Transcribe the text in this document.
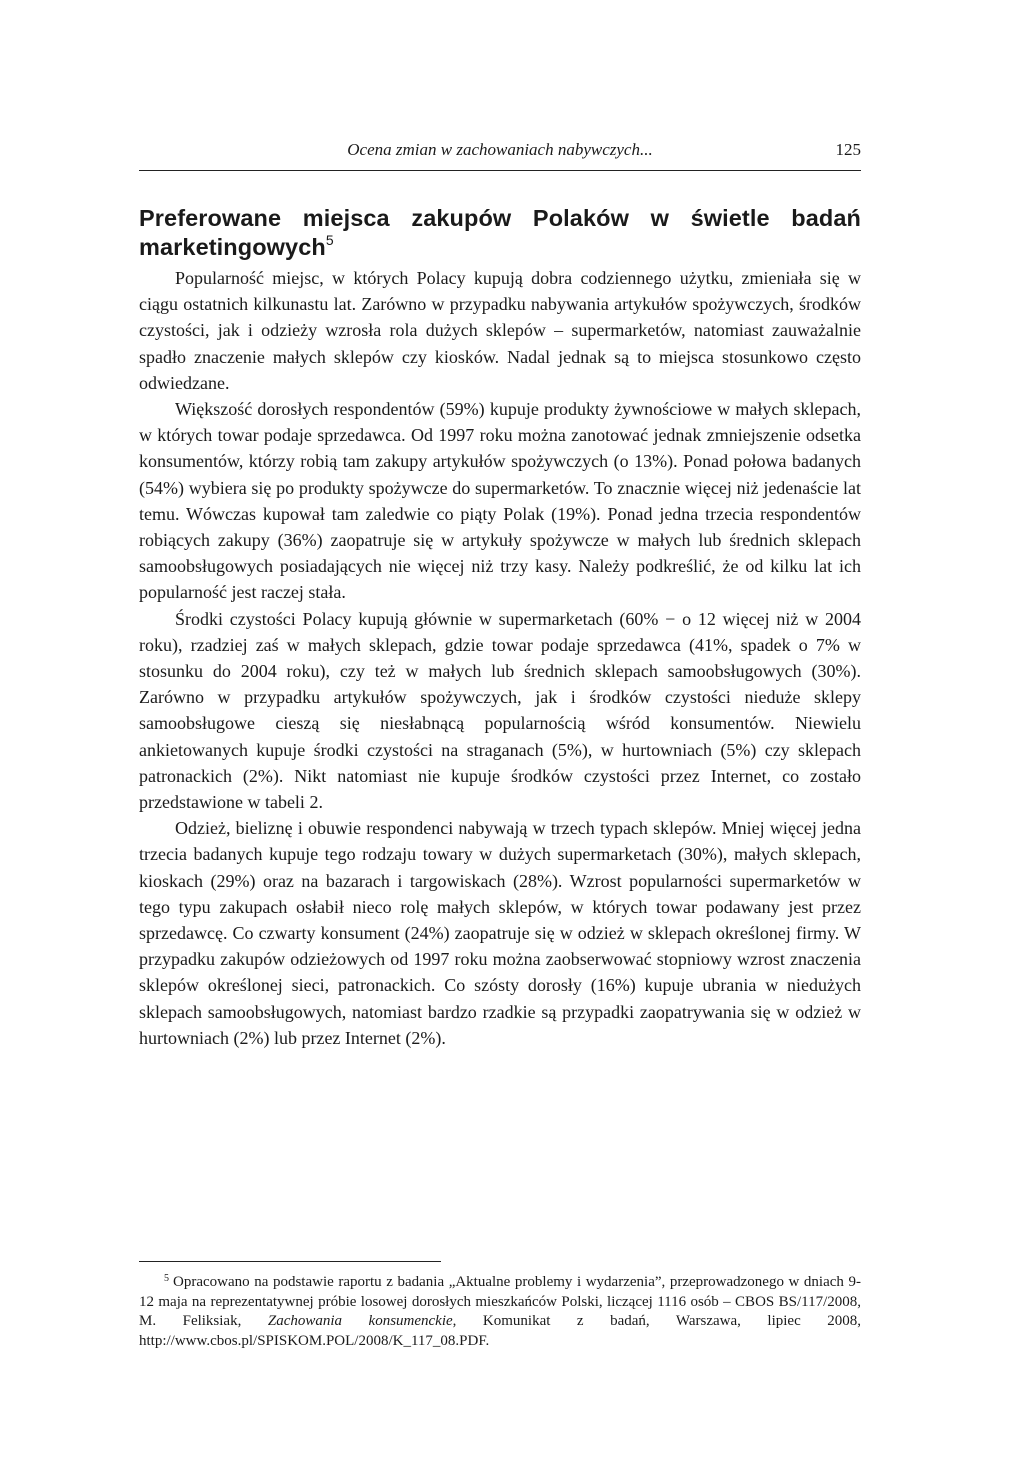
Ocena zmian w zachowaniach nabywczych...	125
Preferowane miejsca zakupów Polaków w świetle badań marketingowych$^5$

Popularność miejsc, w których Polacy kupują dobra codziennego użytku, zmieniała się w ciągu ostatnich kilkunastu lat. Zarówno w przypadku nabywania artykułów spożywczych, środków czystości, jak i odzieży wzrosła rola dużych sklepów – supermarketów, natomiast zauważalnie spadło znaczenie małych sklepów czy kiosków. Nadal jednak są to miejsca stosunkowo często odwiedzane.

Większość dorosłych respondentów (59%) kupuje produkty żywnościowe w małych sklepach, w których towar podaje sprzedawca. Od 1997 roku można zanotować jednak zmniejszenie odsetka konsumentów, którzy robią tam zakupy artykułów spożywczych (o 13%). Ponad połowa badanych (54%) wybiera się po produkty spożywcze do supermarketów. To znacznie więcej niż jedenaście lat temu. Wówczas kupował tam zaledwie co piąty Polak (19%). Ponad jedna trzecia respondentów robiących zakupy (36%) zaopatruje się w artykuły spożywcze w małych lub średnich sklepach samoobsługowych posiadających nie więcej niż trzy kasy. Należy podkreślić, że od kilku lat ich popularność jest raczej stała.

Środki czystości Polacy kupują głównie w supermarketach (60% − o 12 więcej niż w 2004 roku), rzadziej zaś w małych sklepach, gdzie towar podaje sprzedawca (41%, spadek o 7% w stosunku do 2004 roku), czy też w małych lub średnich sklepach samoobsługowych (30%). Zarówno w przypadku artykułów spożywczych, jak i środków czystości nieduże sklepy samoobsługowe cieszą się niesłabnącą popularnością wśród konsumentów. Niewielu ankietowanych kupuje środki czystości na straganach (5%), w hurtowniach (5%) czy sklepach patronackich (2%). Nikt natomiast nie kupuje środków czystości przez Internet, co zostało przedstawione w tabeli 2.

Odzież, bieliznę i obuwie respondenci nabywają w trzech typach sklepów. Mniej więcej jedna trzecia badanych kupuje tego rodzaju towary w dużych supermarketach (30%), małych sklepach, kioskach (29%) oraz na bazarach i targowiskach (28%). Wzrost popularności supermarketów w tego typu zakupach osłabił nieco rolę małych sklepów, w których towar podawany jest przez sprzedawcę. Co czwarty konsument (24%) zaopatruje się w odzież w sklepach określonej firmy. W przypadku zakupów odzieżowych od 1997 roku można zaobserwować stopniowy wzrost znaczenia sklepów określonej sieci, patronackich. Co szósty dorosły (16%) kupuje ubrania w niedużych sklepach samoobsługowych, natomiast bardzo rzadkie są przypadki zaopatrywania się w odzież w hurtowniach (2%) lub przez Internet (2%).

$^5$ Opracowano na podstawie raportu z badania „Aktualne problemy i wydarzenia”, przeprowadzonego w dniach 9-12 maja na reprezentatywnej próbie losowej dorosłych mieszkańców Polski, liczącej 1116 osób – CBOS BS/117/2008, M. Feliksiak, Zachowania konsumenckie, Komunikat z badań, Warszawa, lipiec 2008, http://www.cbos.pl/SPISKOM.POL/2008/K_117_08.PDF.
